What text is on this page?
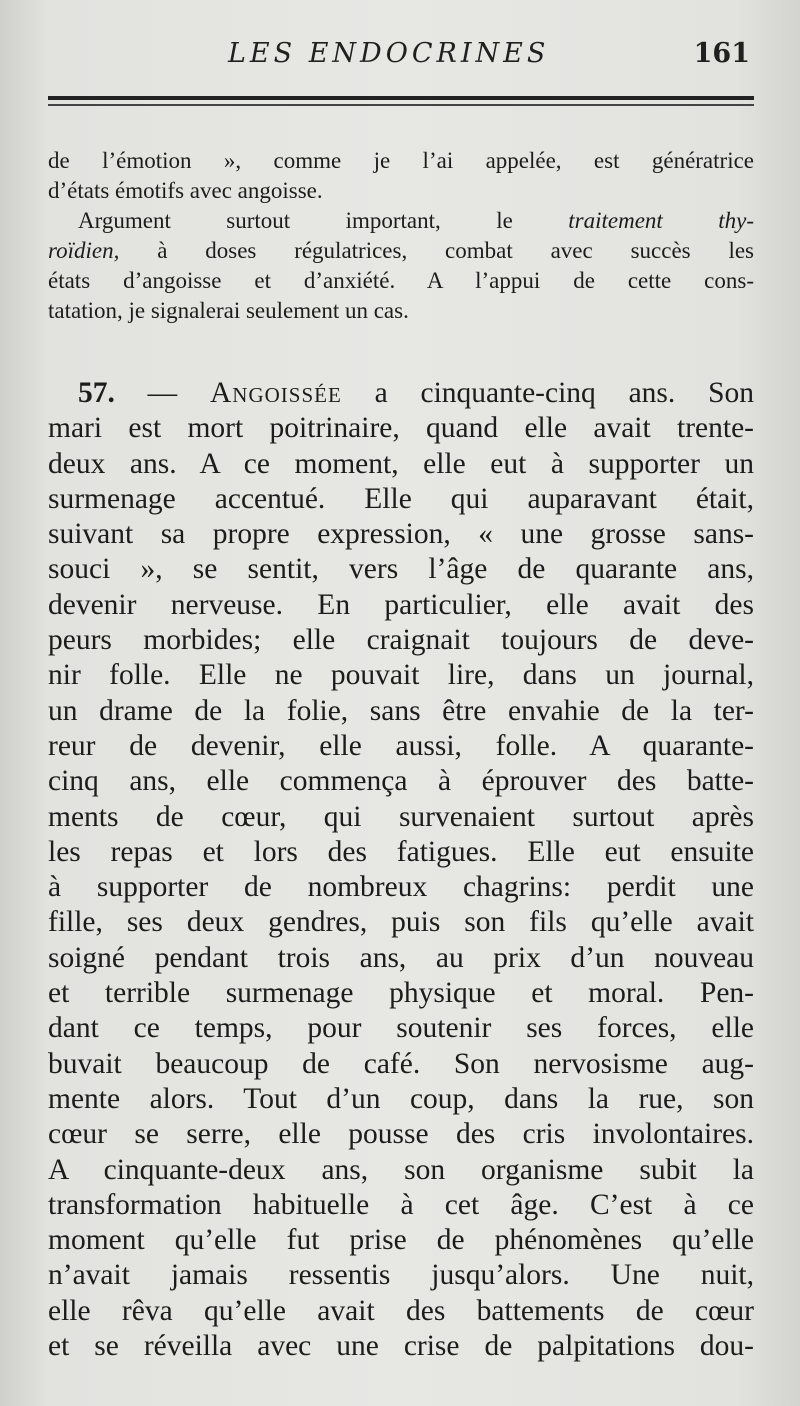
LES ENDOCRINES	161
de l’émotion », comme je l’ai appelée, est génératrice
d’états émotifs avec angoisse.
Argument surtout important, le traitement thy-
roïdien, à doses régulatrices, combat avec succès les
états d’angoisse et d’anxiété. A l’appui de cette cons-
tatation, je signalerai seulement un cas.
57. — Angoissée a cinquante-cinq ans. Son
mari est mort poitrinaire, quand elle avait trente-
deux ans. A ce moment, elle eut à supporter un
surmenage accentué. Elle qui auparavant était,
suivant sa propre expression, « une grosse sans-
souci », se sentit, vers l’âge de quarante ans,
devenir nerveuse. En particulier, elle avait des
peurs morbides; elle craignait toujours de deve-
nir folle. Elle ne pouvait lire, dans un journal,
un drame de la folie, sans être envahie de la ter-
reur de devenir, elle aussi, folle. A quarante-
cinq ans, elle commença à éprouver des batte-
ments de cœur, qui survenaient surtout après
les repas et lors des fatigues. Elle eut ensuite
à supporter de nombreux chagrins: perdit une
fille, ses deux gendres, puis son fils qu’elle avait
soigné pendant trois ans, au prix d’un nouveau
et terrible surmenage physique et moral. Pen-
dant ce temps, pour soutenir ses forces, elle
buvait beaucoup de café. Son nervosisme aug-
mente alors. Tout d’un coup, dans la rue, son
cœur se serre, elle pousse des cris involontaires.
A cinquante-deux ans, son organisme subit la
transformation habituelle à cet âge. C’est à ce
moment qu’elle fut prise de phénomènes qu’elle
n’avait jamais ressentis jusqu’alors. Une nuit,
elle rêva qu’elle avait des battements de cœur
et se réveilla avec une crise de palpitations dou-
